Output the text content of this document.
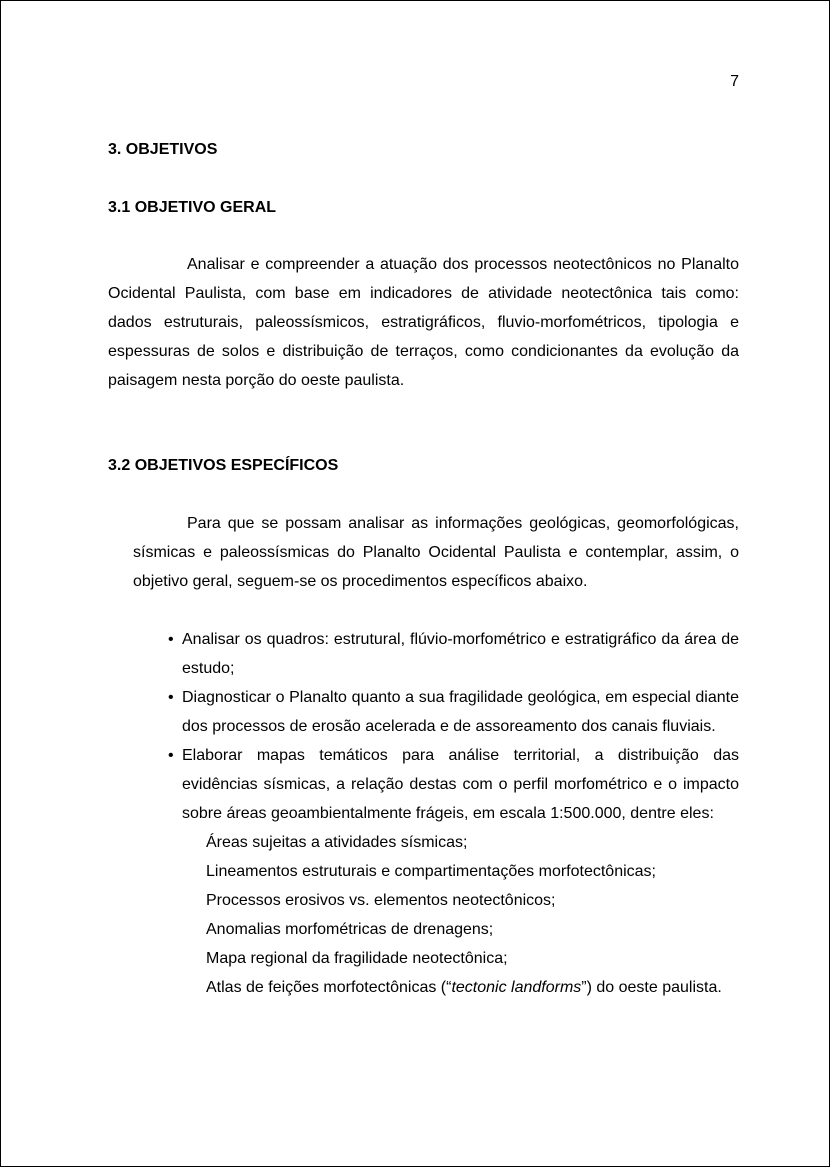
7
3. OBJETIVOS
3.1 OBJETIVO GERAL

Analisar e compreender a atuação dos processos neotectônicos no Planalto Ocidental Paulista, com base em indicadores de atividade neotectônica tais como: dados estruturais, paleossísmicos, estratigráficos, fluvio-morfométricos, tipologia e espessuras de solos e distribuição de terraços, como condicionantes da evolução da paisagem nesta porção do oeste paulista.

3.2 OBJETIVOS ESPECÍFICOS

Para que se possam analisar as informações geológicas, geomorfológicas, sísmicas e paleossísmicas do Planalto Ocidental Paulista e contemplar, assim, o objetivo geral, seguem-se os procedimentos específicos abaixo.

• Analisar os quadros: estrutural, flúvio-morfométrico e estratigráfico da área de estudo;
• Diagnosticar o Planalto quanto a sua fragilidade geológica, em especial diante dos processos de erosão acelerada e de assoreamento dos canais fluviais.
• Elaborar mapas temáticos para análise territorial, a distribuição das evidências sísmicas, a relação destas com o perfil morfométrico e o impacto sobre áreas geoambientalmente frágeis, em escala 1:500.000, dentre eles:
Áreas sujeitas a atividades sísmicas;
Lineamentos estruturais e compartimentações morfotectônicas;
Processos erosivos vs. elementos neotectônicos;
Anomalias morfométricas de drenagens;
Mapa regional da fragilidade neotectônica;
Atlas de feições morfotectônicas (“tectonic landforms”) do oeste paulista.
